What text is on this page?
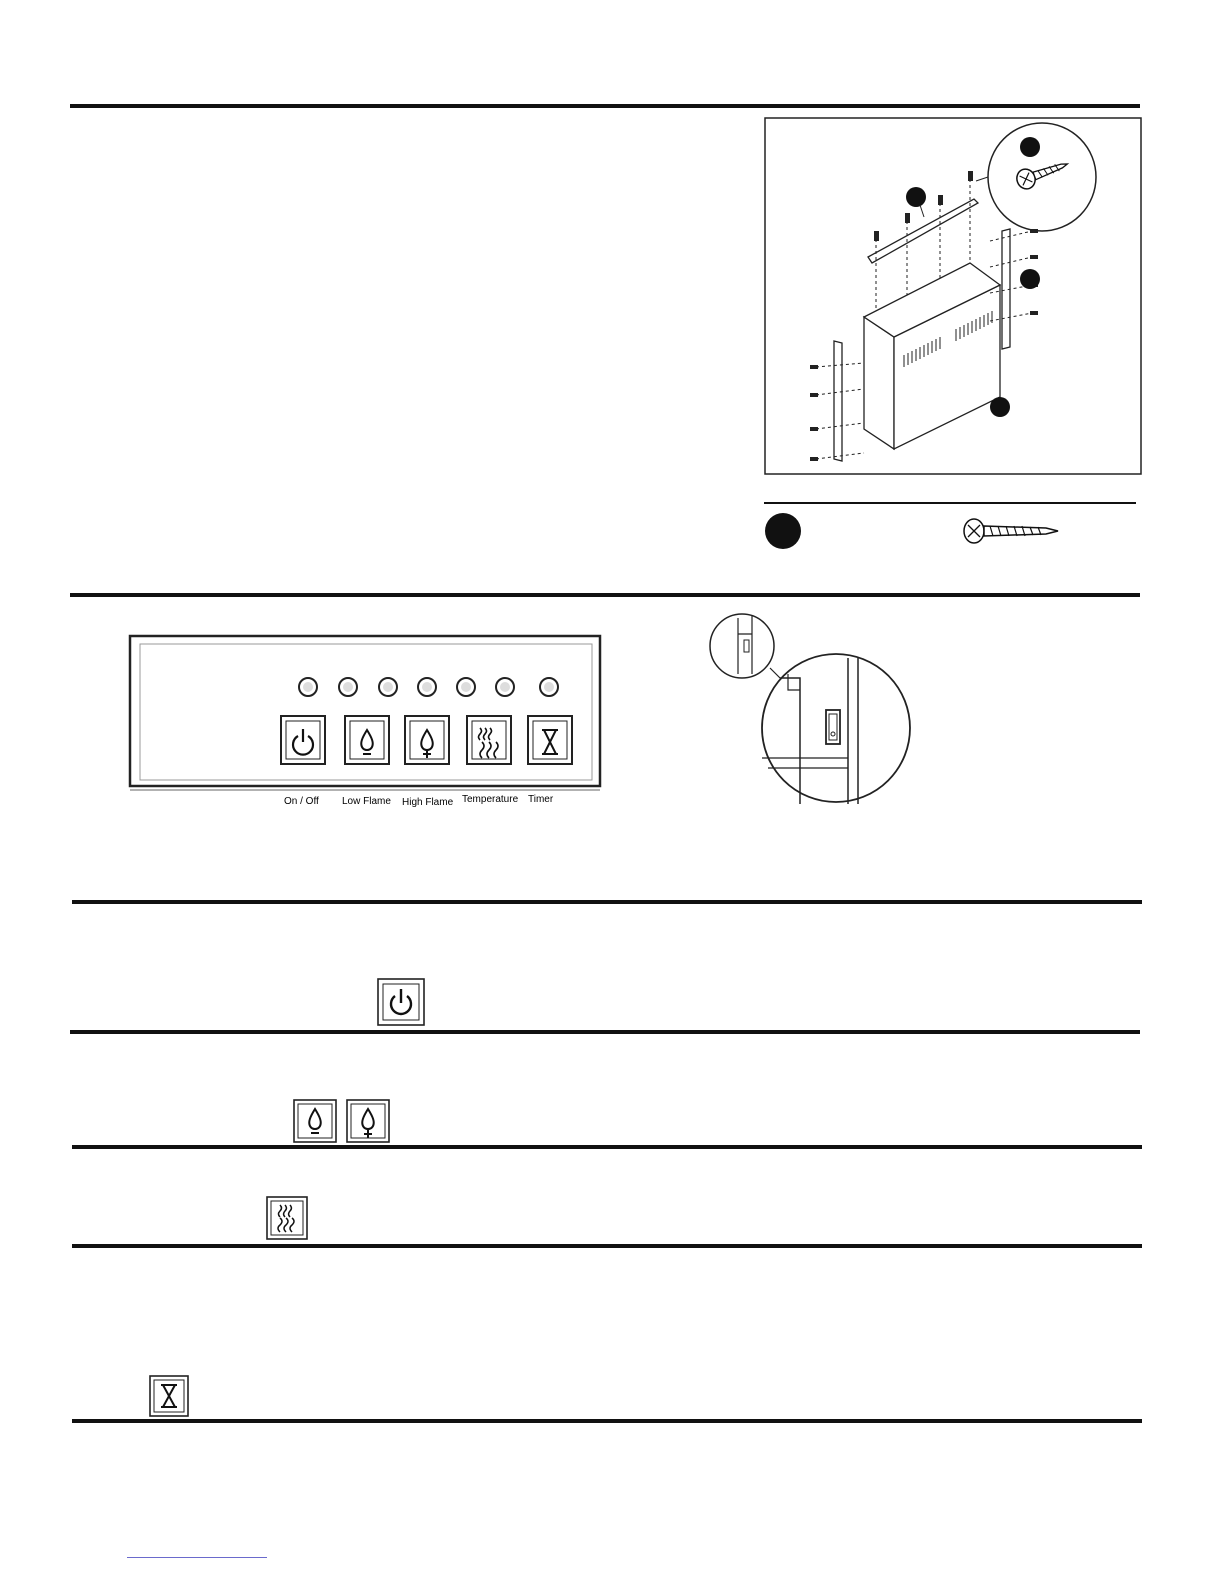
On / Off Low Flame High Flame Temperature Timer
